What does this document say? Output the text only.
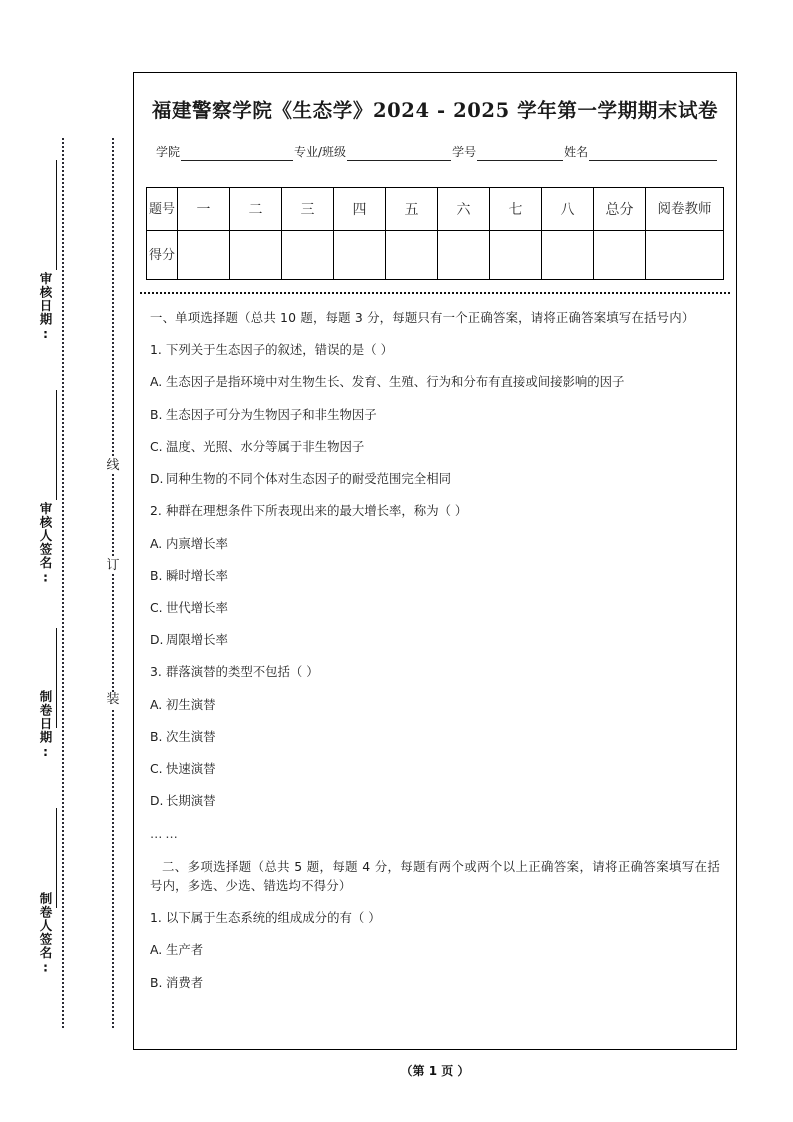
线
订
装
审核日期:
审核人签名:
制卷日期:
制卷人签名:
福建警察学院《生态学》2024 - 2025 学年第一学期期末试卷
学院	专业/班级	学号	姓名
题号	一	二	三	四	五	六	七	八	总分	阅卷教师
得分										
一、单项选择题（总共 10 题，每题 3 分，每题只有一个正确答案，请将正确答案填写在括号内）
1. 下列关于生态因子的叙述，错误的是（ ）
A. 生态因子是指环境中对生物生长、发育、生殖、行为和分布有直接或间接影响的因子
B. 生态因子可分为生物因子和非生物因子
C. 温度、光照、水分等属于非生物因子
D. 同种生物的不同个体对生态因子的耐受范围完全相同
2. 种群在理想条件下所表现出来的最大增长率，称为（ ）
A. 内禀增长率
B. 瞬时增长率
C. 世代增长率
D. 周限增长率
3. 群落演替的类型不包括（ ）
A. 初生演替
B. 次生演替
C. 快速演替
D. 长期演替
……
二、多项选择题（总共 5 题，每题 4 分，每题有两个或两个以上正确答案，请将正确答案填写在括号内，多选、少选、错选均不得分）
1. 以下属于生态系统的组成成分的有（ ）
A. 生产者
B. 消费者
（第 1 页 ）
